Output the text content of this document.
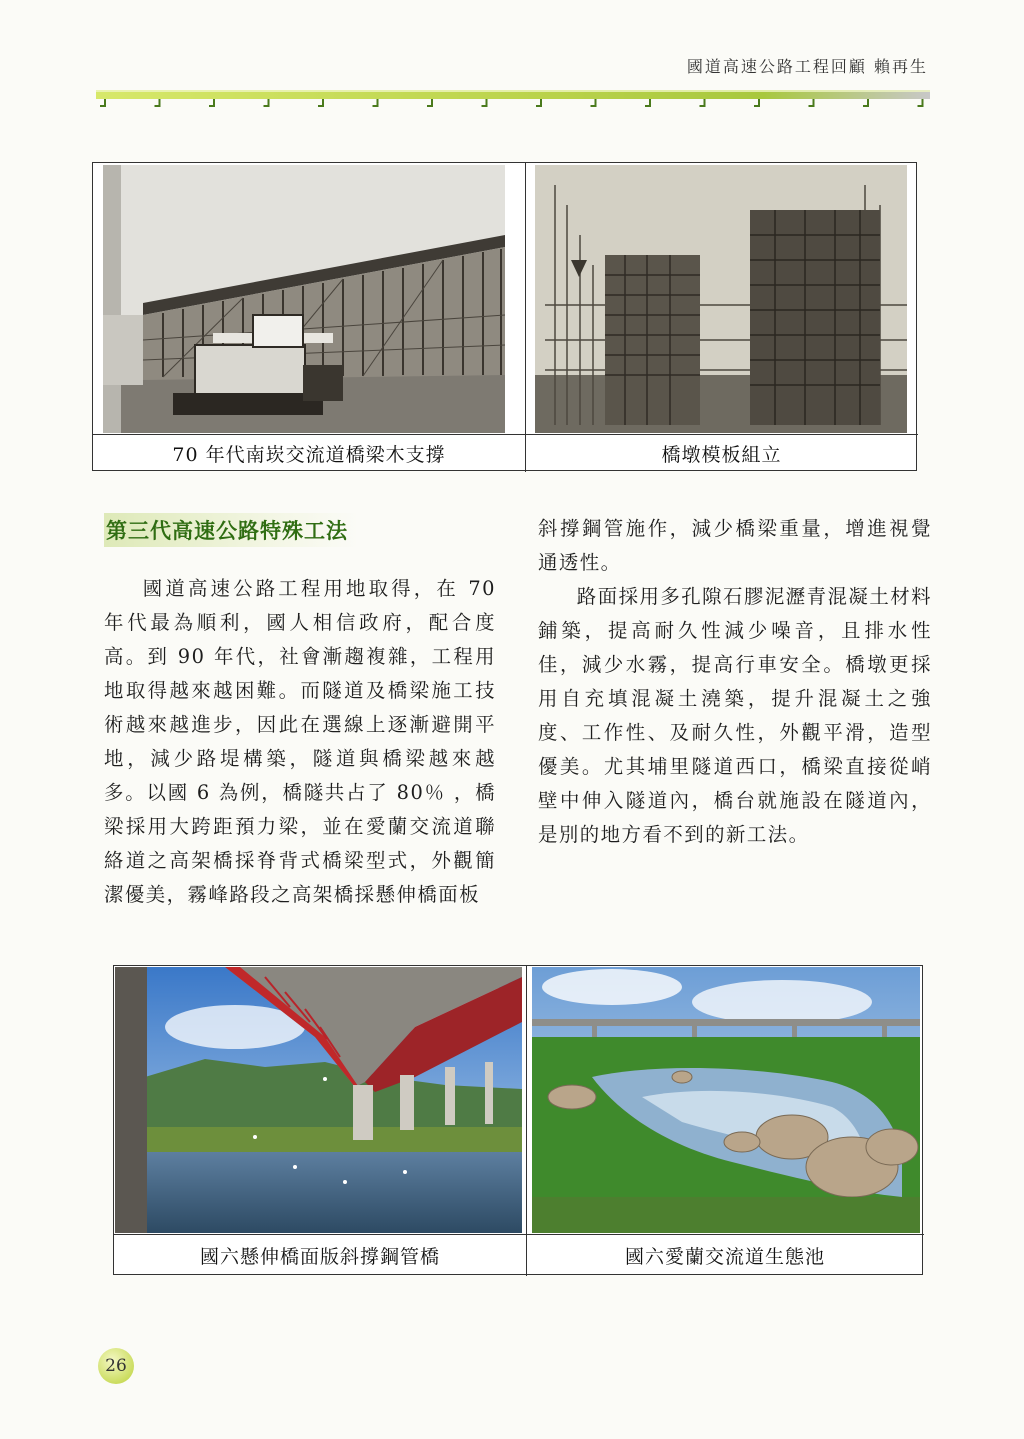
國道高速公路工程回顧 賴再生
70 年代南崁交流道橋梁木支撐	橋墩模板組立
第三代高速公路特殊工法

國道高速公路工程用地取得，在 70 年代最為順利，國人相信政府，配合度高。到 90 年代，社會漸趨複雜，工程用地取得越來越困難。而隧道及橋梁施工技術越來越進步，因此在選線上逐漸避開平地，減少路堤構築，隧道與橋梁越來越多。以國 6 為例，橋隧共占了 80％ ，橋梁採用大跨距預力梁，並在愛蘭交流道聯絡道之高架橋採脊背式橋梁型式，外觀簡潔優美，霧峰路段之高架橋採懸伸橋面板

斜撐鋼管施作，減少橋梁重量，增進視覺通透性。

路面採用多孔隙石膠泥瀝青混凝土材料鋪築，提高耐久性減少噪音，且排水性佳，減少水霧，提高行車安全。橋墩更採用自充填混凝土澆築，提升混凝土之強度、工作性、及耐久性，外觀平滑，造型優美。尤其埔里隧道西口，橋梁直接從峭壁中伸入隧道內，橋台就施設在隧道內，是別的地方看不到的新工法。

國六懸伸橋面版斜撐鋼管橋	國六愛蘭交流道生態池
26
